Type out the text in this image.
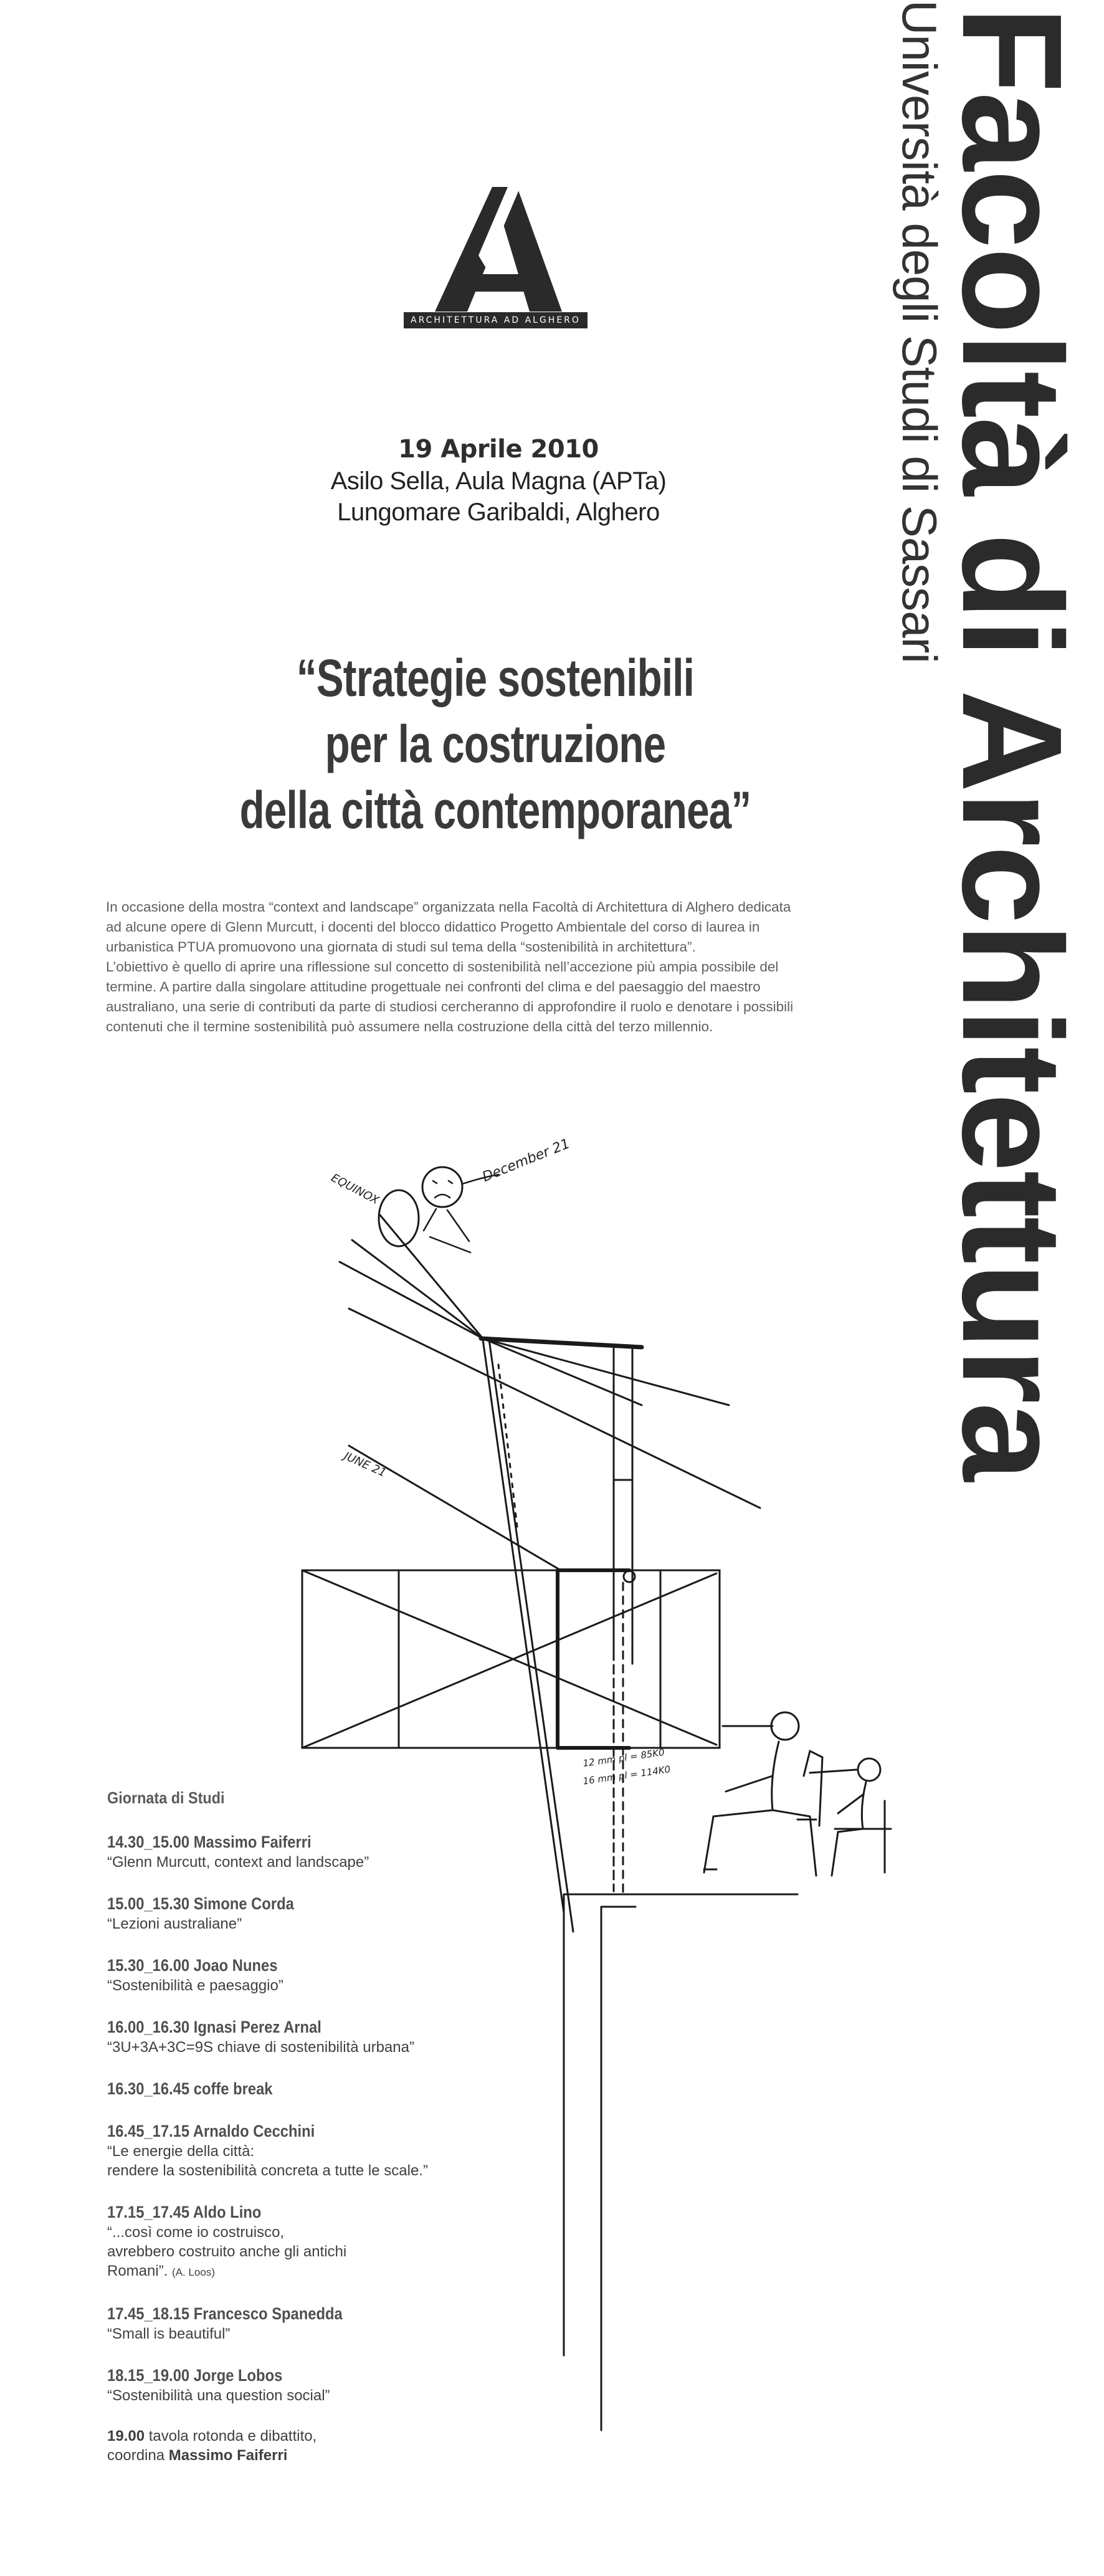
ARCHITETTURA AD ALGHERO
19 Aprile 2010
Asilo Sella, Aula Magna (APTa)
Lungomare Garibaldi, Alghero
“Strategie sostenibili
per la costruzione
della città contemporanea”

In occasione della mostra “context and landscape” organizzata nella Facoltà di Architettura di Alghero dedicata ad alcune opere di Glenn Murcutt, i docenti del blocco didattico Progetto Ambientale del corso di laurea in urbanistica PTUA promuovono una giornata di studi sul tema della “sostenibilità in architettura”.

L’obiettivo è quello di aprire una riflessione sul concetto di sostenibilità nell’accezione più ampia possibile del termine. A partire dalla singolare attitudine progettuale nei confronti del clima e del paesaggio del maestro australiano, una serie di contributi da parte di studiosi cercheranno di approfondire il ruolo e denotare i possibili contenuti che il termine sostenibilità può assumere nella costruzione della città del terzo millennio.

EQUINOX
December 21
JUNE 21
12 mm pl = 85K0
16 mm pl = 114K0
Giornata di Studi
14.30_15.00 Massimo Faiferri
“Glenn Murcutt, context and landscape”
15.00_15.30 Simone Corda
“Lezioni australiane”
15.30_16.00 Joao Nunes
“Sostenibilità e paesaggio”
16.00_16.30 Ignasi Perez Arnal
“3U+3A+3C=9S chiave di sostenibilità urbana”
16.30_16.45 coffe break
16.45_17.15 Arnaldo Cecchini
“Le energie della città:
rendere la sostenibilità concreta a tutte le scale.”
17.15_17.45 Aldo Lino
“...così come io costruisco,
avrebbero costruito anche gli antichi
Romani”. (A. Loos)
17.45_18.15 Francesco Spanedda
“Small is beautiful”
18.15_19.00 Jorge Lobos
“Sostenibilità una question social”
19.00 tavola rotonda e dibattito,
coordina Massimo Faiferri
Facoltà di Architettura
Università degli Studi di Sassari
